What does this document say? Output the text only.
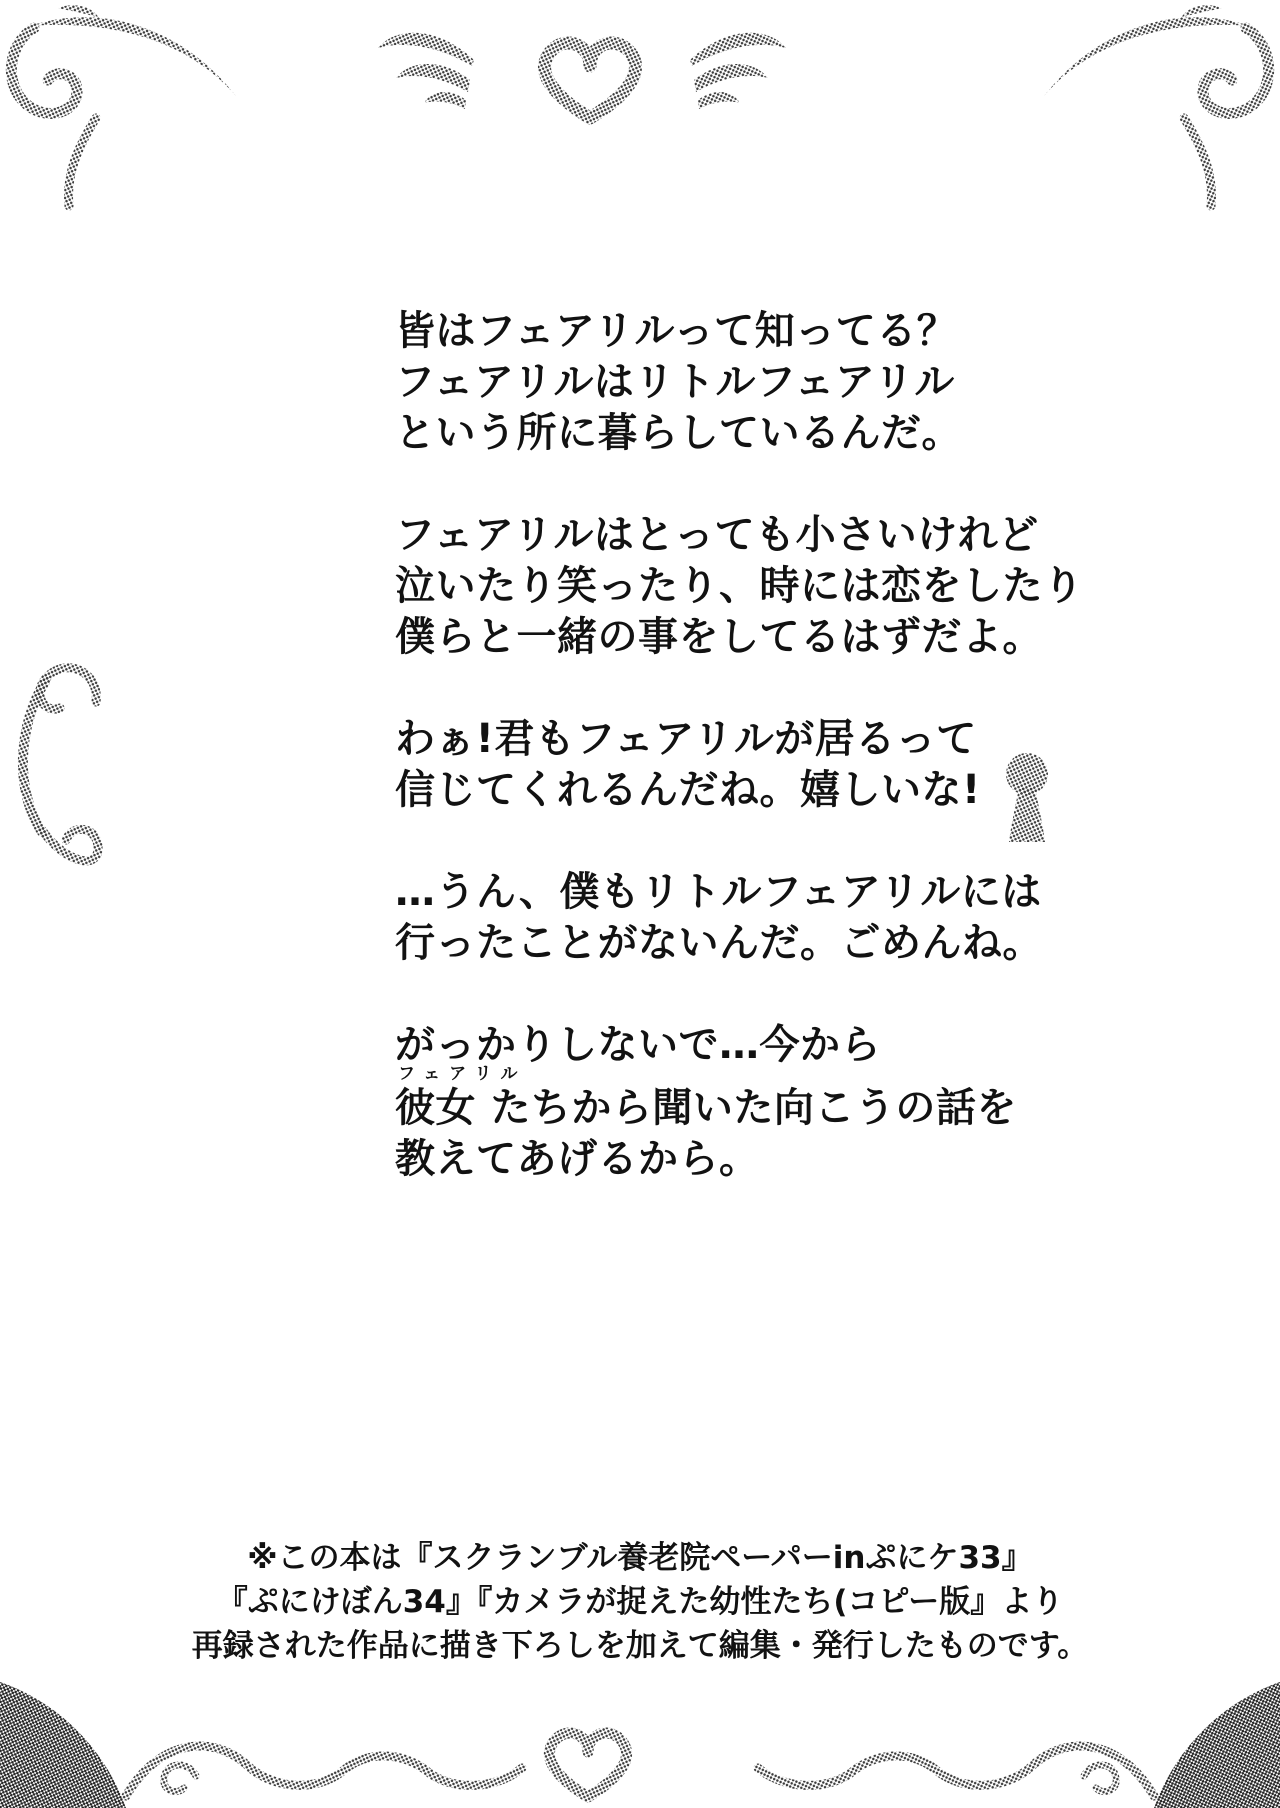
皆はフェアリルって知ってる？
フェアリルはリトルフェアリル
という所に暮らしているんだ。
フェアリルはとっても小さいけれど
泣いたり笑ったり、時には恋をしたり
僕らと一緒の事をしてるはずだよ。
わぁ!君もフェアリルが居るって
信じてくれるんだね。嬉しいな!
…うん、僕もリトルフェアリルには
行ったことがないんだ。ごめんね。
がっかりしないで…今から
フェアリル
彼女 たちから聞いた向こうの話を
教えてあげるから。
※この本は『スクランブル養老院ペーパーinぷにケ33』
『ぷにけぼん34』『カメラが捉えた幼性たち(コピー版』より
再録された作品に描き下ろしを加えて編集・発行したものです。
